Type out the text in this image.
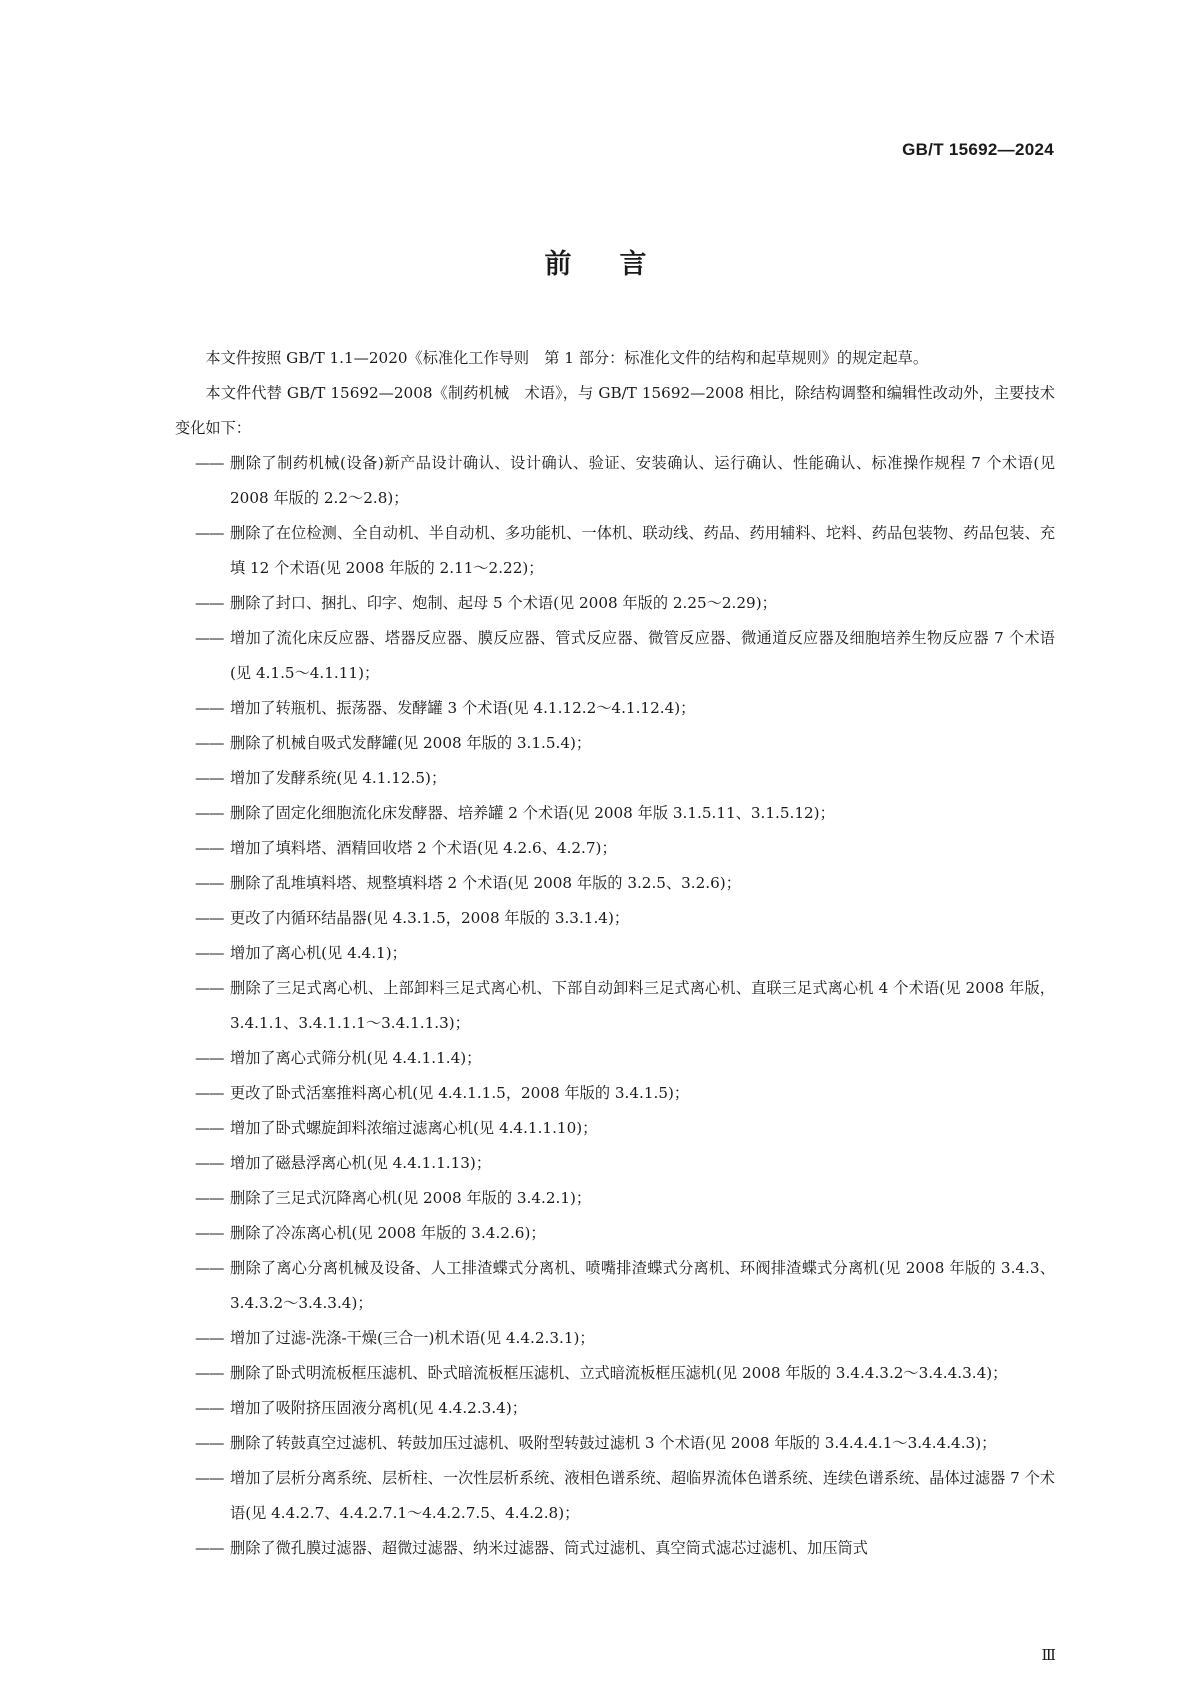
GB/T 15692—2024
前言

本文件按照 GB/T 1.1—2020《标准化工作导则　第 1 部分：标准化文件的结构和起草规则》的规定起草。

本文件代替 GB/T 15692—2008《制药机械　术语》，与 GB/T 15692—2008 相比，除结构调整和编辑性改动外，主要技术变化如下：

—— 删除了制药机械(设备)新产品设计确认、设计确认、验证、安装确认、运行确认、性能确认、标准操作规程 7 个术语(见 2008 年版的 2.2～2.8)；

—— 删除了在位检测、全自动机、半自动机、多功能机、一体机、联动线、药品、药用辅料、坨料、药品包装物、药品包装、充填 12 个术语(见 2008 年版的 2.11～2.22)；

—— 删除了封口、捆扎、印字、炮制、起母 5 个术语(见 2008 年版的 2.25～2.29)；

—— 增加了流化床反应器、塔器反应器、膜反应器、管式反应器、微管反应器、微通道反应器及细胞培养生物反应器 7 个术语(见 4.1.5～4.1.11)；

—— 增加了转瓶机、振荡器、发酵罐 3 个术语(见 4.1.12.2～4.1.12.4)；

—— 删除了机械自吸式发酵罐(见 2008 年版的 3.1.5.4)；

—— 增加了发酵系统(见 4.1.12.5)；

—— 删除了固定化细胞流化床发酵器、培养罐 2 个术语(见 2008 年版 3.1.5.11、3.1.5.12)；

—— 增加了填料塔、酒精回收塔 2 个术语(见 4.2.6、4.2.7)；

—— 删除了乱堆填料塔、规整填料塔 2 个术语(见 2008 年版的 3.2.5、3.2.6)；

—— 更改了内循环结晶器(见 4.3.1.5，2008 年版的 3.3.1.4)；

—— 增加了离心机(见 4.4.1)；

—— 删除了三足式离心机、上部卸料三足式离心机、下部自动卸料三足式离心机、直联三足式离心机 4 个术语(见 2008 年版，3.4.1.1、3.4.1.1.1～3.4.1.1.3)；

—— 增加了离心式筛分机(见 4.4.1.1.4)；

—— 更改了卧式活塞推料离心机(见 4.4.1.1.5，2008 年版的 3.4.1.5)；

—— 增加了卧式螺旋卸料浓缩过滤离心机(见 4.4.1.1.10)；

—— 增加了磁悬浮离心机(见 4.4.1.1.13)；

—— 删除了三足式沉降离心机(见 2008 年版的 3.4.2.1)；

—— 删除了冷冻离心机(见 2008 年版的 3.4.2.6)；

—— 删除了离心分离机械及设备、人工排渣蝶式分离机、喷嘴排渣蝶式分离机、环阀排渣蝶式分离机(见 2008 年版的 3.4.3、3.4.3.2～3.4.3.4)；

—— 增加了过滤-洗涤-干燥(三合一)机术语(见 4.4.2.3.1)；

—— 删除了卧式明流板框压滤机、卧式暗流板框压滤机、立式暗流板框压滤机(见 2008 年版的 3.4.4.3.2～3.4.4.3.4)；

—— 增加了吸附挤压固液分离机(见 4.4.2.3.4)；

—— 删除了转鼓真空过滤机、转鼓加压过滤机、吸附型转鼓过滤机 3 个术语(见 2008 年版的 3.4.4.4.1～3.4.4.4.3)；

—— 增加了层析分离系统、层析柱、一次性层析系统、液相色谱系统、超临界流体色谱系统、连续色谱系统、晶体过滤器 7 个术语(见 4.4.2.7、4.4.2.7.1～4.4.2.7.5、4.4.2.8)；

—— 删除了微孔膜过滤器、超微过滤器、纳米过滤器、筒式过滤机、真空筒式滤芯过滤机、加压筒式

Ⅲ
